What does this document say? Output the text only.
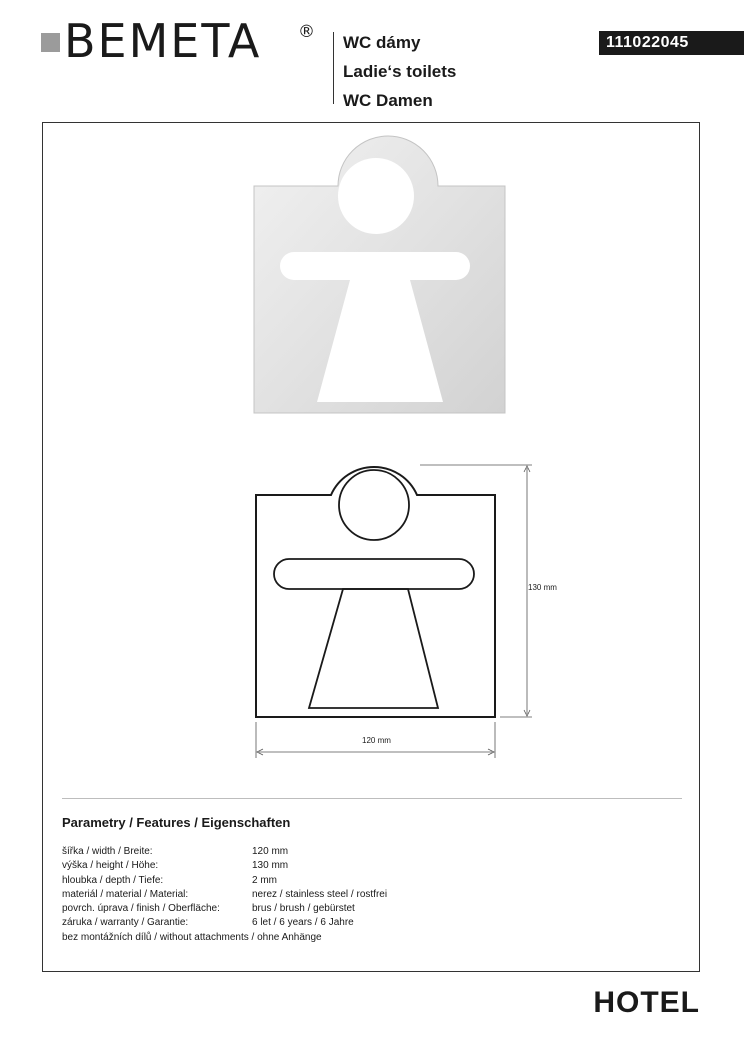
BEMETA ®
WC dámy
Ladie‘s toilets
WC Damen
111022045
130 mm
120 mm
Parametry / Features / Eigenschaften
šířka / width / Breite:	120 mm
výška / height / Höhe:	130 mm
hloubka / depth / Tiefe:	2 mm
materiál / material / Material:	nerez / stainless steel / rostfrei
povrch. úprava / finish / Oberfläche:	brus / brush / gebürstet
záruka / warranty / Garantie:	6 let / 6 years / 6 Jahre
bez montážních dílů / without attachments / ohne Anhänge
HOTEL
